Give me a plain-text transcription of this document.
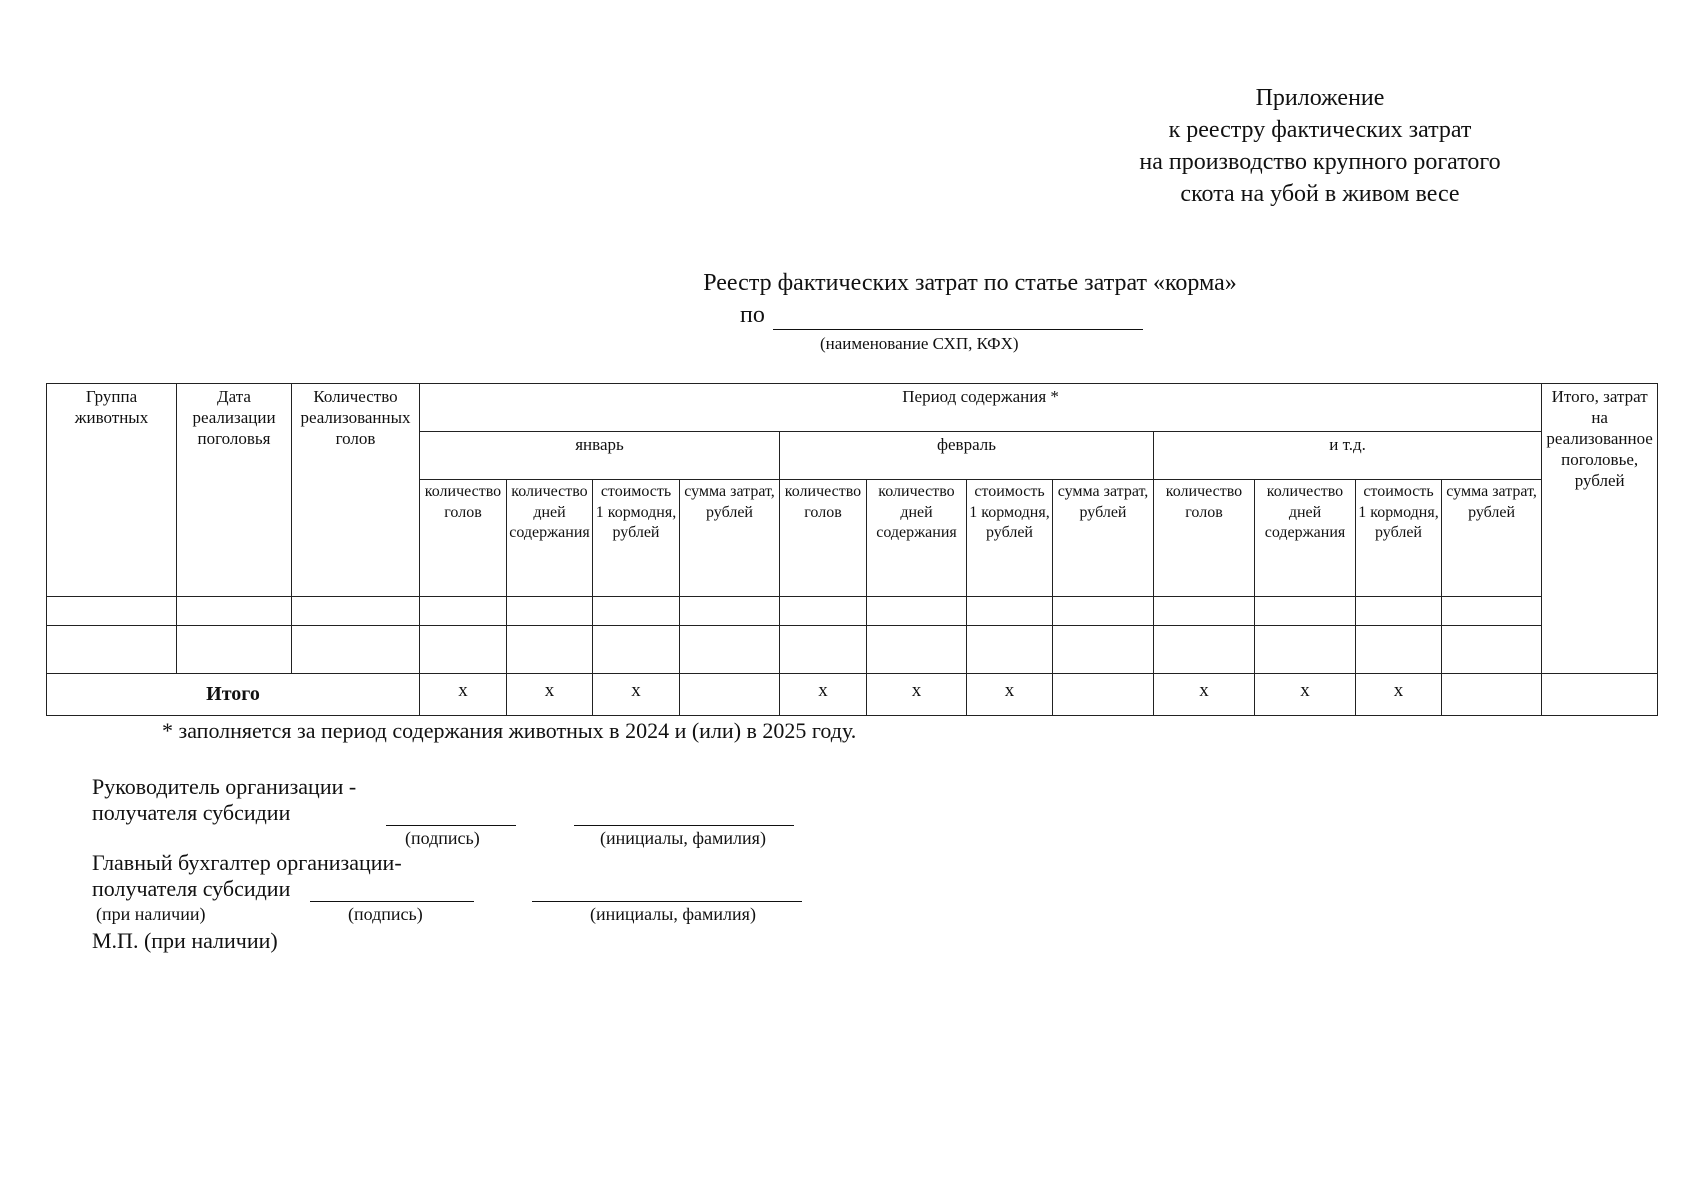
Приложение
к реестру фактических затрат
на производство крупного рогатого
скота на убой в живом весе
Реестр фактических затрат по статье затрат «корма»
по
(наименование СХП, КФХ)
Группа животных	Дата реализации поголовья	Количество реализованных голов	Период содержания *												Итого, затрат на реализованное поголовье, рублей
			январь				февраль				и т.д.				
			количество голов	количество дней содержания	стоимость 1 кормодня, рублей	сумма затрат, рублей	количество голов	количество дней содержания	стоимость 1 кормодня, рублей	сумма затрат, рублей	количество голов	количество дней содержания	стоимость 1 кормодня, рублей	сумма затрат, рублей	

Итого			х	х	х		х	х	х		х	х	х		
* заполняется за период содержания животных в 2024 и (или) в 2025 году.
Руководитель организации -
получателя субсидии
(подпись)	(инициалы, фамилия)
Главный бухгалтер организации-
получателя субсидии
(при наличии)	(подпись)	(инициалы, фамилия)
М.П. (при наличии)
